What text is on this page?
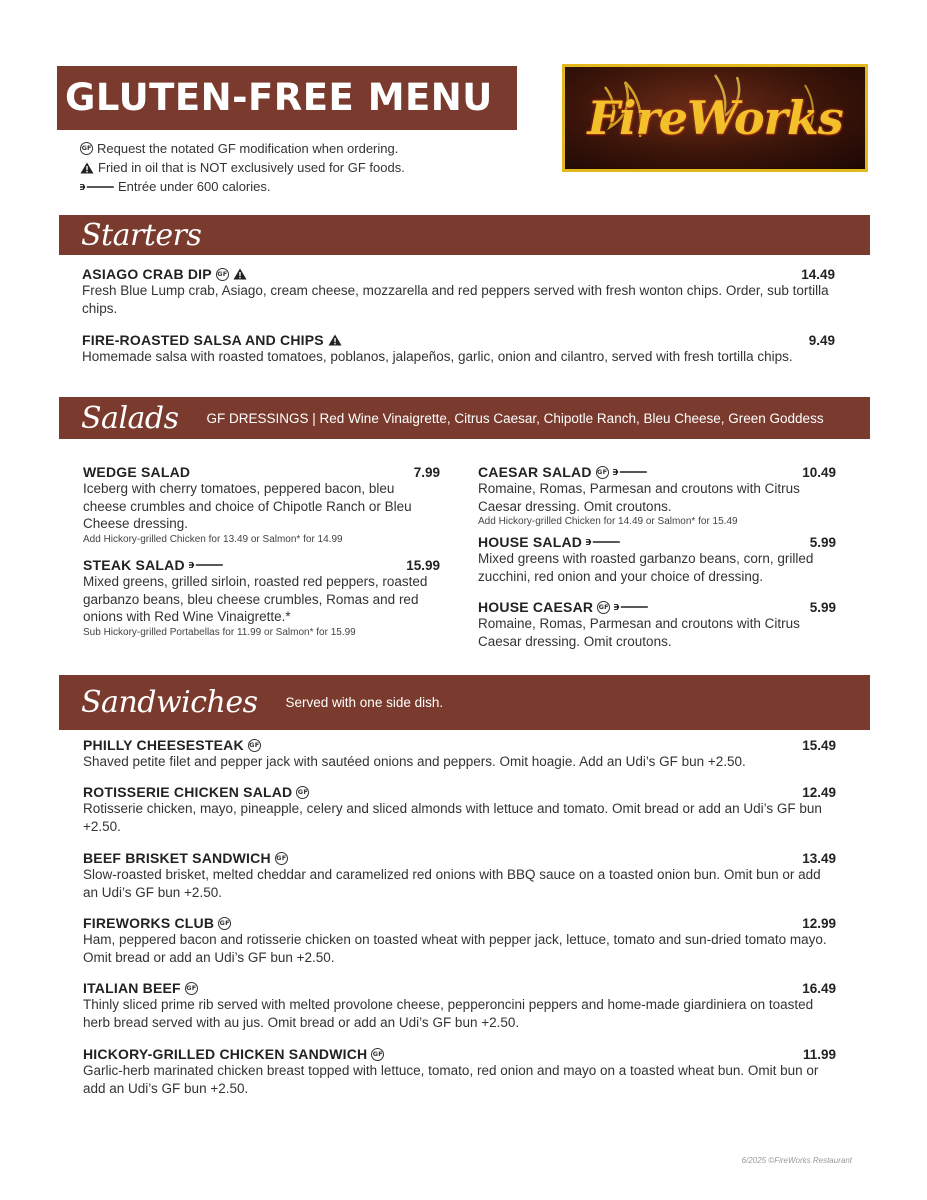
GLUTEN-FREE MENU
GF Request the notated GF modification when ordering.
Fried in oil that is NOT exclusively used for GF foods.
Entrée under 600 calories.
FireWorks
Starters
ASIAGO CRAB DIP GF	14.49
Fresh Blue Lump crab, Asiago, cream cheese, mozzarella and red peppers served with fresh wonton chips. Order, sub tortilla chips.
FIRE-ROASTED SALSA AND CHIPS	9.49
Homemade salsa with roasted tomatoes, poblanos, jalapeños, garlic, onion and cilantro, served with fresh tortilla chips.
Salads GF DRESSINGS | Red Wine Vinaigrette, Citrus Caesar, Chipotle Ranch, Bleu Cheese, Green Goddess
WEDGE SALAD	7.99
Iceberg with cherry tomatoes, peppered bacon, bleu cheese crumbles and choice of Chipotle Ranch or Bleu Cheese dressing.
Add Hickory-grilled Chicken for 13.49 or Salmon* for 14.99
STEAK SALAD	15.99
Mixed greens, grilled sirloin, roasted red peppers, roasted garbanzo beans, bleu cheese crumbles, Romas and red onions with Red Wine Vinaigrette.*
Sub Hickory-grilled Portabellas for 11.99 or Salmon* for 15.99
CAESAR SALAD GF	10.49
Romaine, Romas, Parmesan and croutons with Citrus Caesar dressing. Omit croutons.
Add Hickory-grilled Chicken for 14.49 or Salmon* for 15.49
HOUSE SALAD	5.99
Mixed greens with roasted garbanzo beans, corn, grilled zucchini, red onion and your choice of dressing.
HOUSE CAESAR GF	5.99
Romaine, Romas, Parmesan and croutons with Citrus Caesar dressing. Omit croutons.
Sandwiches Served with one side dish.
PHILLY CHEESESTEAK GF	15.49
Shaved petite filet and pepper jack with sautéed onions and peppers. Omit hoagie. Add an Udi’s GF bun +2.50.
ROTISSERIE CHICKEN SALAD GF	12.49
Rotisserie chicken, mayo, pineapple, celery and sliced almonds with lettuce and tomato. Omit bread or add an Udi’s GF bun +2.50.
BEEF BRISKET SANDWICH GF	13.49
Slow-roasted brisket, melted cheddar and caramelized red onions with BBQ sauce on a toasted onion bun. Omit bun or add an Udi’s GF bun +2.50.
FIREWORKS CLUB GF	12.99
Ham, peppered bacon and rotisserie chicken on toasted wheat with pepper jack, lettuce, tomato and sun-dried tomato mayo. Omit bread or add an Udi’s GF bun +2.50.
ITALIAN BEEF GF	16.49
Thinly sliced prime rib served with melted provolone cheese, pepperoncini peppers and home-made giardiniera on toasted herb bread served with au jus. Omit bread or add an Udi’s GF bun +2.50.
HICKORY-GRILLED CHICKEN SANDWICH GF	11.99
Garlic-herb marinated chicken breast topped with lettuce, tomato, red onion and mayo on a toasted wheat bun. Omit bun or add an Udi’s GF bun +2.50.
6/2025 ©FireWorks Restaurant
